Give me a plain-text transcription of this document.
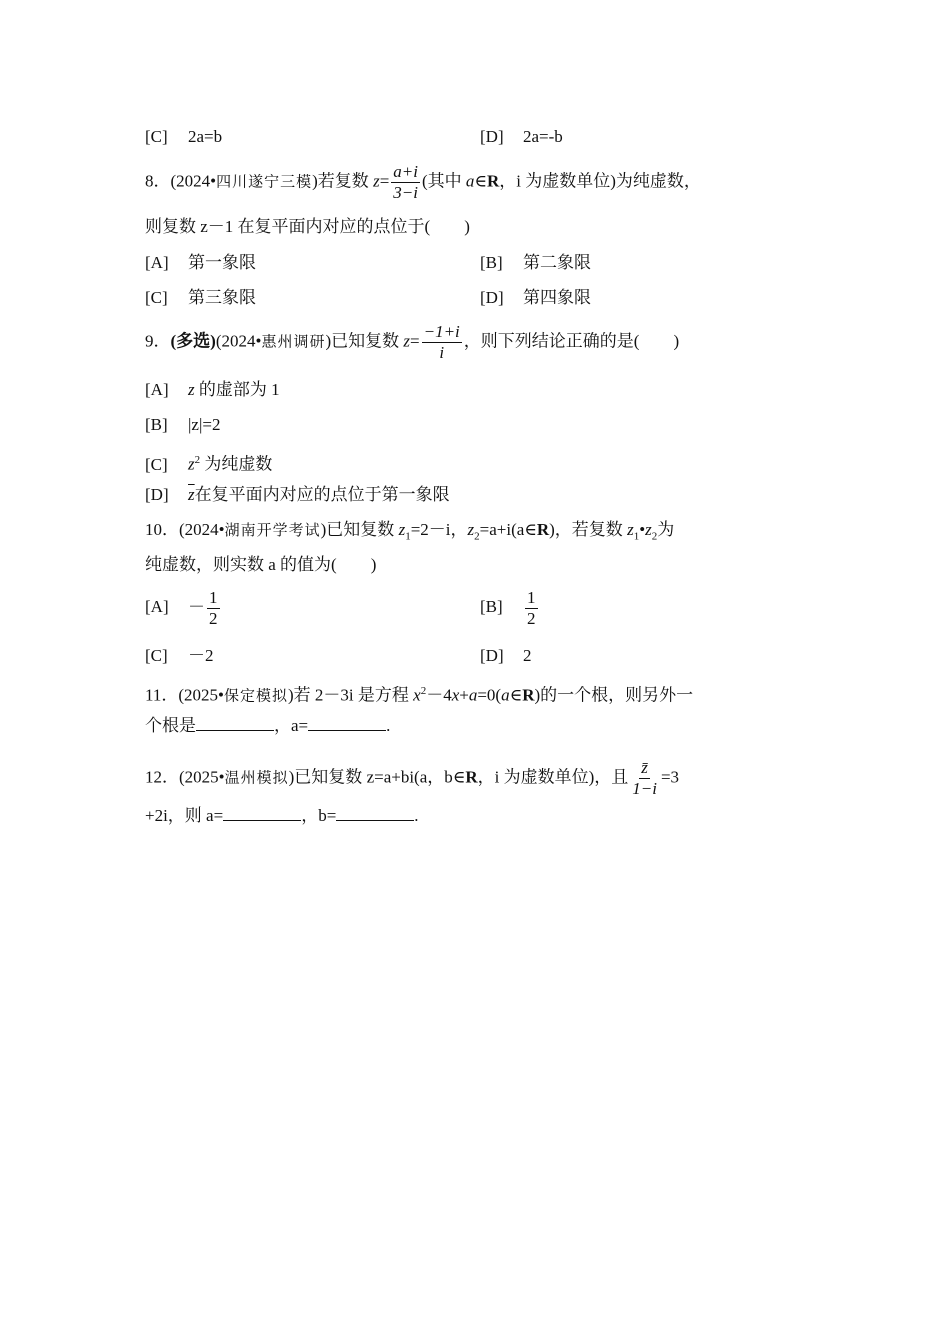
[C] 2a=b	[D] 2a=-b
8．(2024•四川遂宁三模)若复数 $z= \frac{a+i}{3-i}$ (其中 a∈R，i 为虚数单位)为纯虚数，
则复数 z－1 在复平面内对应的点位于(　　)
[A] 第一象限	[B] 第二象限
[C] 第三象限	[D] 第四象限
9．(多选)(2024•惠州调研)已知复数 $z= \frac{-1+i}{i}$ ，则下列结论正确的是(　　)
[A] z 的虚部为 1
[B] |z|=2
[C] $z^2$ 为纯虚数
[D] $\overline{z}$在复平面内对应的点位于第一象限
10．(2024•湖南开学考试)已知复数 $z_1=2-i$，$z_2=a+i(a\in R)$，若复数 $z_1•z_2$为
纯虚数，则实数 a 的值为(　　)
$[A] - \frac{1}{2}$	$[B] \frac{1}{2}$
[C] －2	[D] 2
11．(2025•保定模拟)若 2－3i 是方程 $x^2-4x+a=0(a\in R)$的一个根，则另外一
个根是	，a=	.
12．(2025•温州模拟)已知复数 z=a+bi(a，b∈R，i 为虚数单位)，且 $\frac{z̄}{1-i} =3$
+2i，则 a=	，b=	.
